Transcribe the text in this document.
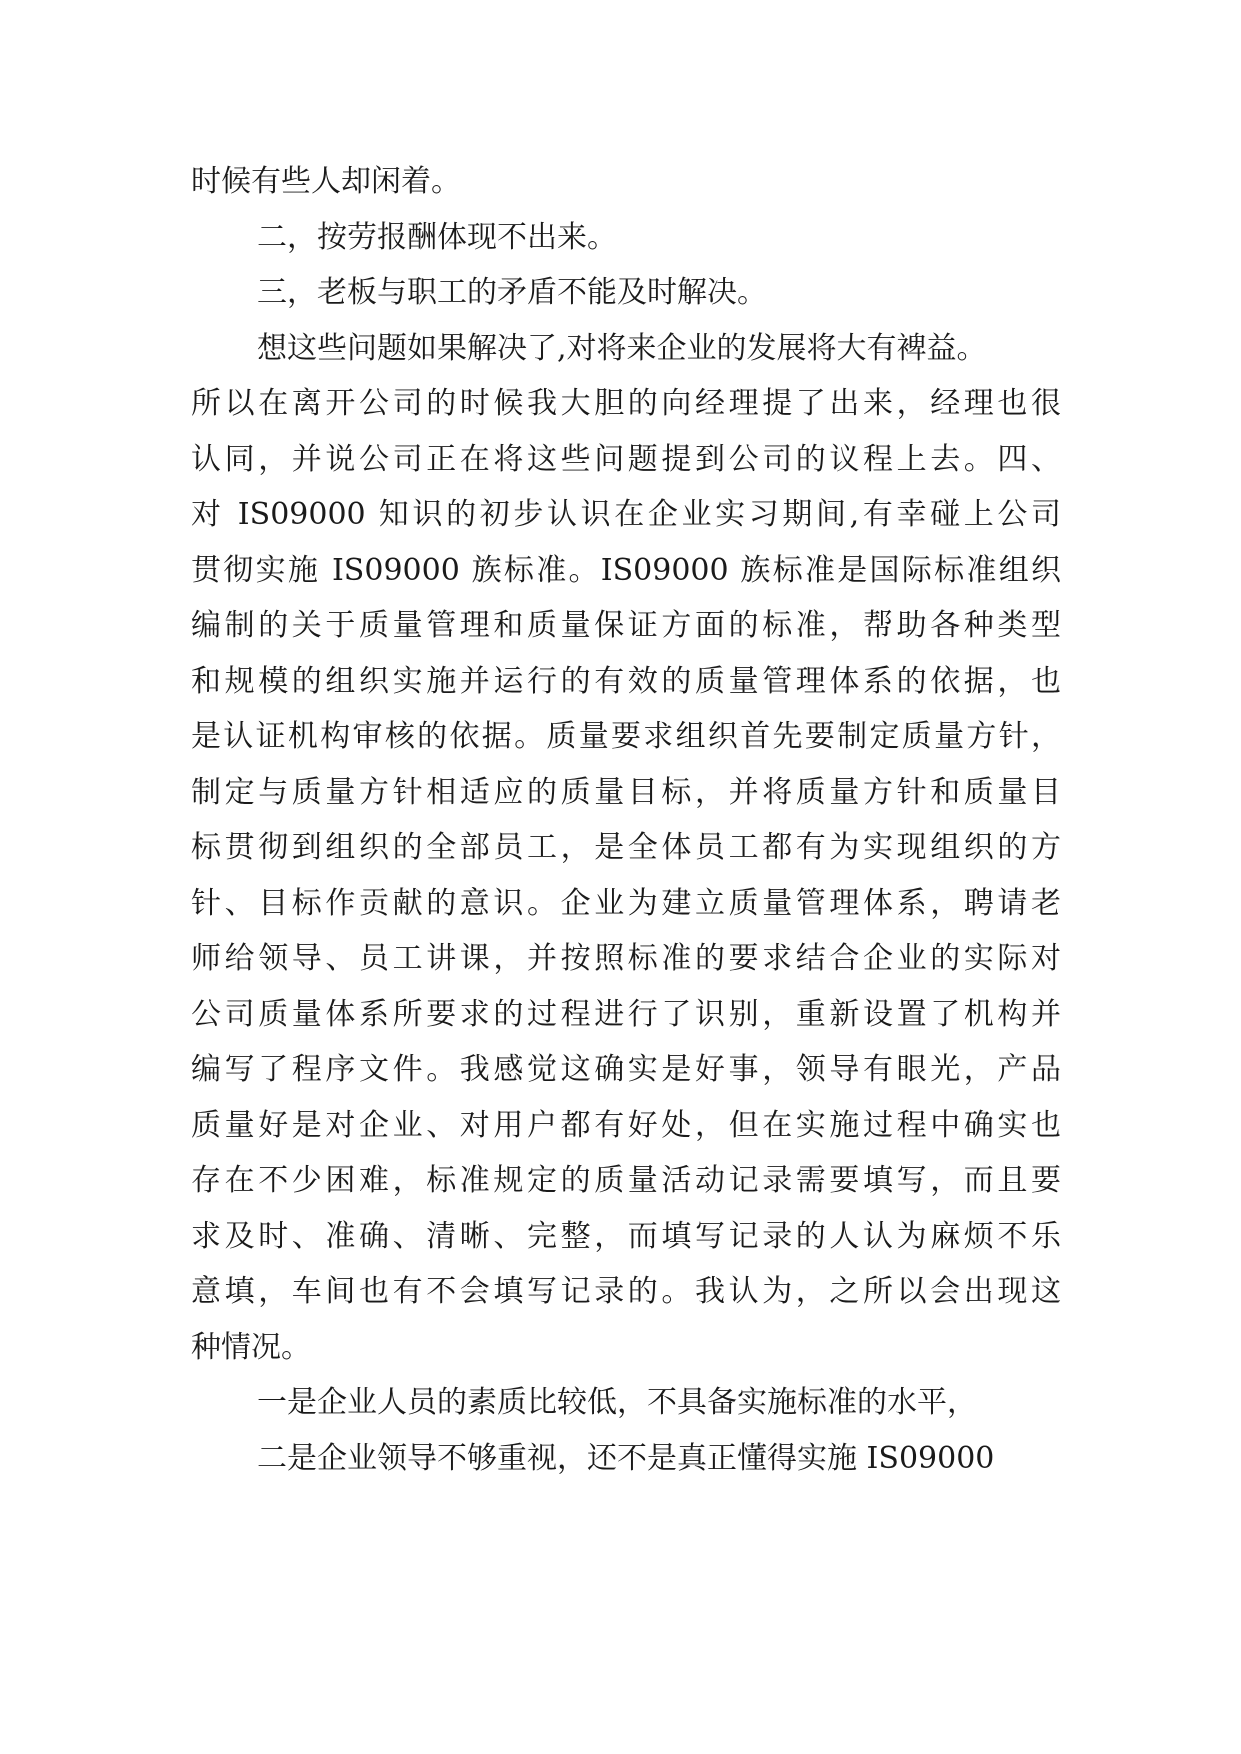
时候有些人却闲着。
二，按劳报酬体现不出来。
三，老板与职工的矛盾不能及时解决。
想这些问题如果解决了,对将来企业的发展将大有裨益。
所以在离开公司的时候我大胆的向经理提了出来，经理也很
认同，并说公司正在将这些问题提到公司的议程上去。四、
对 IS09000 知识的初步认识在企业实习期间,有幸碰上公司
贯彻实施 IS09000 族标准。IS09000 族标准是国际标准组织
编制的关于质量管理和质量保证方面的标准，帮助各种类型
和规模的组织实施并运行的有效的质量管理体系的依据，也
是认证机构审核的依据。质量要求组织首先要制定质量方针，
制定与质量方针相适应的质量目标，并将质量方针和质量目
标贯彻到组织的全部员工，是全体员工都有为实现组织的方
针、目标作贡献的意识。企业为建立质量管理体系，聘请老
师给领导、员工讲课，并按照标准的要求结合企业的实际对
公司质量体系所要求的过程进行了识别，重新设置了机构并
编写了程序文件。我感觉这确实是好事，领导有眼光，产品
质量好是对企业、对用户都有好处，但在实施过程中确实也
存在不少困难，标准规定的质量活动记录需要填写，而且要
求及时、准确、清晰、完整，而填写记录的人认为麻烦不乐
意填，车间也有不会填写记录的。我认为，之所以会出现这
种情况。
一是企业人员的素质比较低，不具备实施标准的水平，
二是企业领导不够重视，还不是真正懂得实施 IS09000
